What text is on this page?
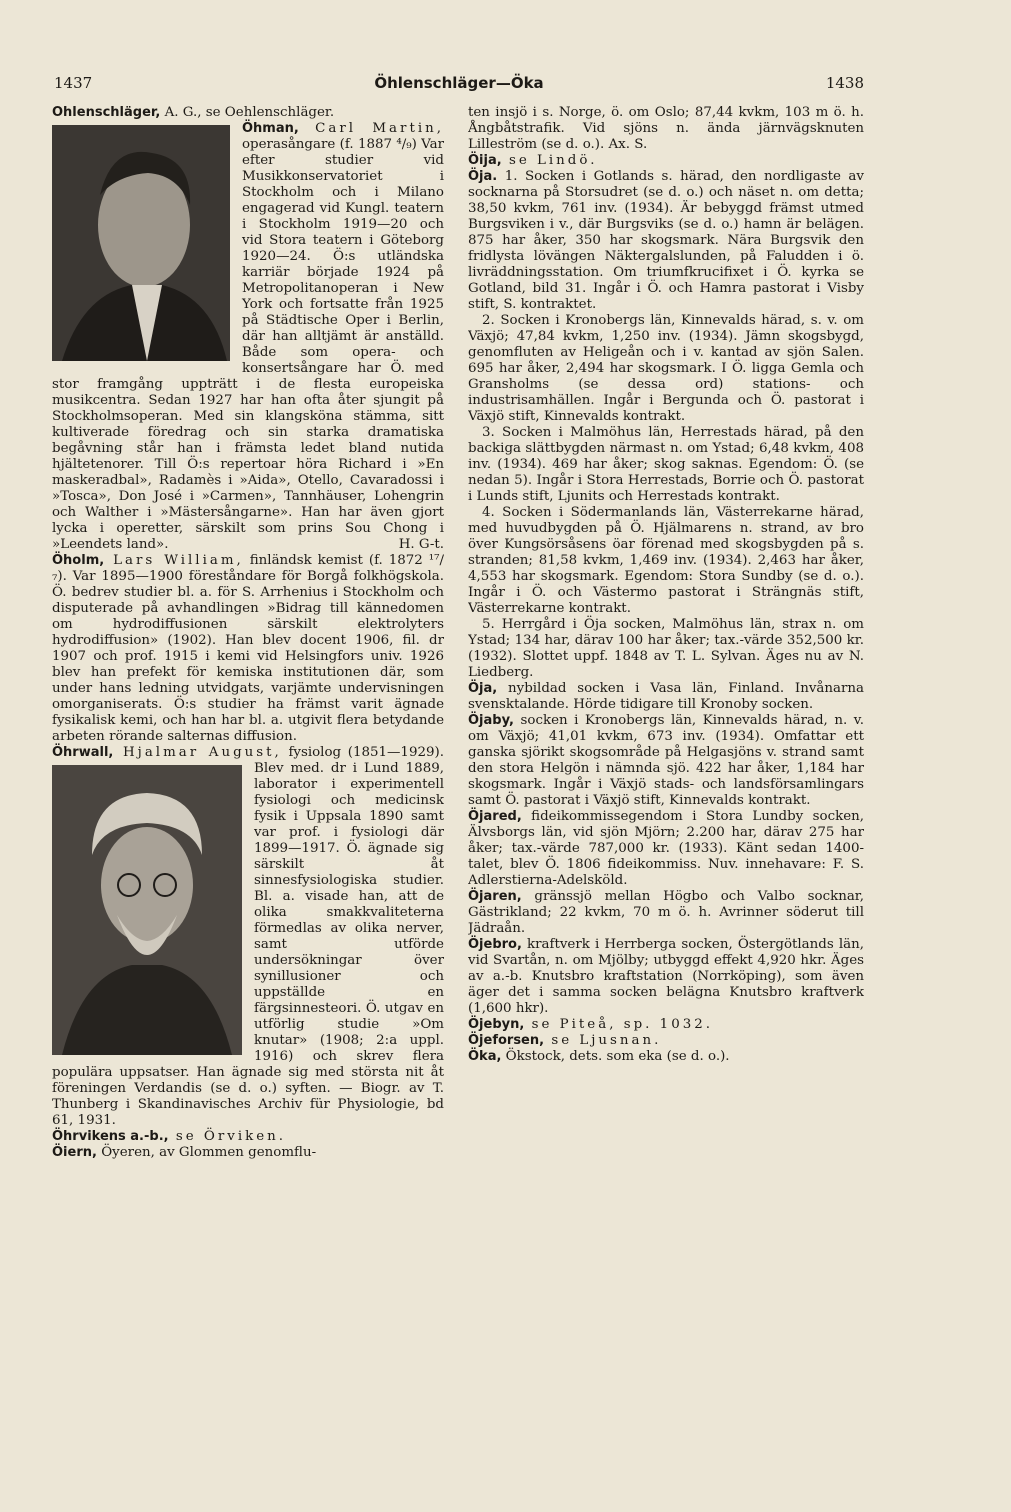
1437	Öhlenschläger—Öka	1438

Öhlenschläger, A. G., se Oehlenschläger.

Öhman, Carl Martin,
operasångare (f. 1887 ⁴/₉) Var efter studier vid Musikkonservatoriet i Stockholm och i Milano engagerad vid Kungl. teatern i Stockholm 1919—20 och vid Stora teatern i Göteborg 1920—24. Ö:s utländska karriär började 1924 på Metropolitanoperan i New York och fortsatte från 1925 på Städtische Oper i Berlin, där han alltjämt är anställd. Både som opera- och konsertsångare har Ö. med stor framgång uppträtt i de flesta europeiska musikcentra. Sedan 1927 har han ofta åter sjungit på Stockholmsoperan. Med sin klangsköna stämma, sitt kultiverade föredrag och sin starka dramatiska begåvning står han i främsta ledet bland nutida hjältetenorer. Till Ö:s repertoar höra Richard i »En maskeradbal», Radamès i »Aida», Otello, Cavaradossi i »Tosca», Don José i »Carmen», Tannhäuser, Lohengrin och Walther i »Mästersångarne». Han har även gjort lycka i operetter, särskilt som prins Sou Chong i »Leendets land».	H. G-t.

Öholm, Lars William, finländsk kemist (f. 1872 ¹⁷/₇). Var 1895—1900 föreståndare för Borgå folkhögskola. Ö. bedrev studier bl. a. för S. Arrhenius i Stockholm och disputerade på avhandlingen »Bidrag till kännedomen om hydrodiffusionen särskilt elektrolyters hydrodiffusion» (1902). Han blev docent 1906, fil. dr 1907 och prof. 1915 i kemi vid Helsingfors univ. 1926 blev han prefekt för kemiska institutionen där, som under hans ledning utvidgats, varjämte undervisningen omorganiserats. Ö:s studier ha främst varit ägnade fysikalisk kemi, och han har bl. a. utgivit flera betydande arbeten rörande salternas diffusion.

Öhrwall, Hjalmar August,
fysiolog (1851—1929). Blev med. dr i Lund 1889, laborator i experimentell fysiologi och medicinsk fysik i Uppsala 1890 samt var prof. i fysiologi där 1899—1917. Ö. ägnade sig särskilt åt sinnesfysiologiska studier. Bl. a. visade han, att de olika smakkvaliteterna förmedlas av olika nerver, samt utförde undersökningar över synillusioner och uppställde en färgsinnesteori. Ö. utgav en utförlig studie »Om knutar» (1908; 2:a uppl. 1916) och skrev flera populära uppsatser. Han ägnade sig med största nit åt föreningen Verdandis (se d. o.) syften. — Biogr. av T. Thunberg i Skandinavisches Archiv für Physiologie, bd 61, 1931.

Öhrvikens a.-b., se Örviken.

Öiern, Öyeren, av Glommen genomflu-

ten insjö i s. Norge, ö. om Oslo; 87,44 kvkm, 103 m ö. h. Ångbåtstrafik. Vid sjöns n. ända järnvägsknuten Lilleström (se d. o.). Ax. S.

Öija, se Lindö.

Öja. 1. Socken i Gotlands s. härad, den nordligaste av socknarna på Storsudret (se d. o.) och näset n. om detta; 38,50 kvkm, 761 inv. (1934). Är bebyggd främst utmed Burgsviken i v., där Burgsviks (se d. o.) hamn är belägen. 875 har åker, 350 har skogsmark. Nära Burgsvik den fridlysta lövängen Näktergalslunden, på Faludden i ö. livräddningsstation. Om triumfkrucifixet i Ö. kyrka se Gotland, bild 31. Ingår i Ö. och Hamra pastorat i Visby stift, S. kontraktet.

2. Socken i Kronobergs län, Kinnevalds härad, s. v. om Växjö; 47,84 kvkm, 1,250 inv. (1934). Jämn skogsbygd, genomfluten av Heligeån och i v. kantad av sjön Salen. 695 har åker, 2,494 har skogsmark. I Ö. ligga Gemla och Gransholms (se dessa ord) stations- och industrisamhällen. Ingår i Bergunda och Ö. pastorat i Växjö stift, Kinnevalds kontrakt.

3. Socken i Malmöhus län, Herrestads härad, på den backiga slättbygden närmast n. om Ystad; 6,48 kvkm, 408 inv. (1934). 469 har åker; skog saknas. Egendom: Ö. (se nedan 5). Ingår i Stora Herrestads, Borrie och Ö. pastorat i Lunds stift, Ljunits och Herrestads kontrakt.

4. Socken i Södermanlands län, Västerrekarne härad, med huvudbygden på Ö. Hjälmarens n. strand, av bro över Kungsörsåsens öar förenad med skogsbygden på s. stranden; 81,58 kvkm, 1,469 inv. (1934). 2,463 har åker, 4,553 har skogsmark. Egendom: Stora Sundby (se d. o.). Ingår i Ö. och Västermo pastorat i Strängnäs stift, Västerrekarne kontrakt.

5. Herrgård i Öja socken, Malmöhus län, strax n. om Ystad; 134 har, därav 100 har åker; tax.-värde 352,500 kr. (1932). Slottet uppf. 1848 av T. L. Sylvan. Äges nu av N. Liedberg.

Öja, nybildad socken i Vasa län, Finland. Invånarna svensktalande. Hörde tidigare till Kronoby socken.

Öjaby, socken i Kronobergs län, Kinnevalds härad, n. v. om Växjö; 41,01 kvkm, 673 inv. (1934). Omfattar ett ganska sjörikt skogsområde på Helgasjöns v. strand samt den stora Helgön i nämnda sjö. 422 har åker, 1,184 har skogsmark. Ingår i Växjö stads- och landsförsamlingars samt Ö. pastorat i Växjö stift, Kinnevalds kontrakt.

Öjared, fideikommissegendom i Stora Lundby socken, Älvsborgs län, vid sjön Mjörn; 2.200 har, därav 275 har åker; tax.-värde 787,000 kr. (1933). Känt sedan 1400-talet, blev Ö. 1806 fideikommiss. Nuv. innehavare: F. S. Adlerstierna-Adelsköld.

Öjaren, gränssjö mellan Högbo och Valbo socknar, Gästrikland; 22 kvkm, 70 m ö. h. Avrinner söderut till Jädraån.

Öjebro, kraftverk i Herrberga socken, Östergötlands län, vid Svartån, n. om Mjölby; utbyggd effekt 4,920 hkr. Äges av a.-b. Knutsbro kraftstation (Norrköping), som även äger det i samma socken belägna Knutsbro kraftverk (1,600 hkr).

Öjebyn, se Piteå, sp. 1032.

Öjeforsen, se Ljusnan.

Öka, Ökstock, dets. som eka (se d. o.).
